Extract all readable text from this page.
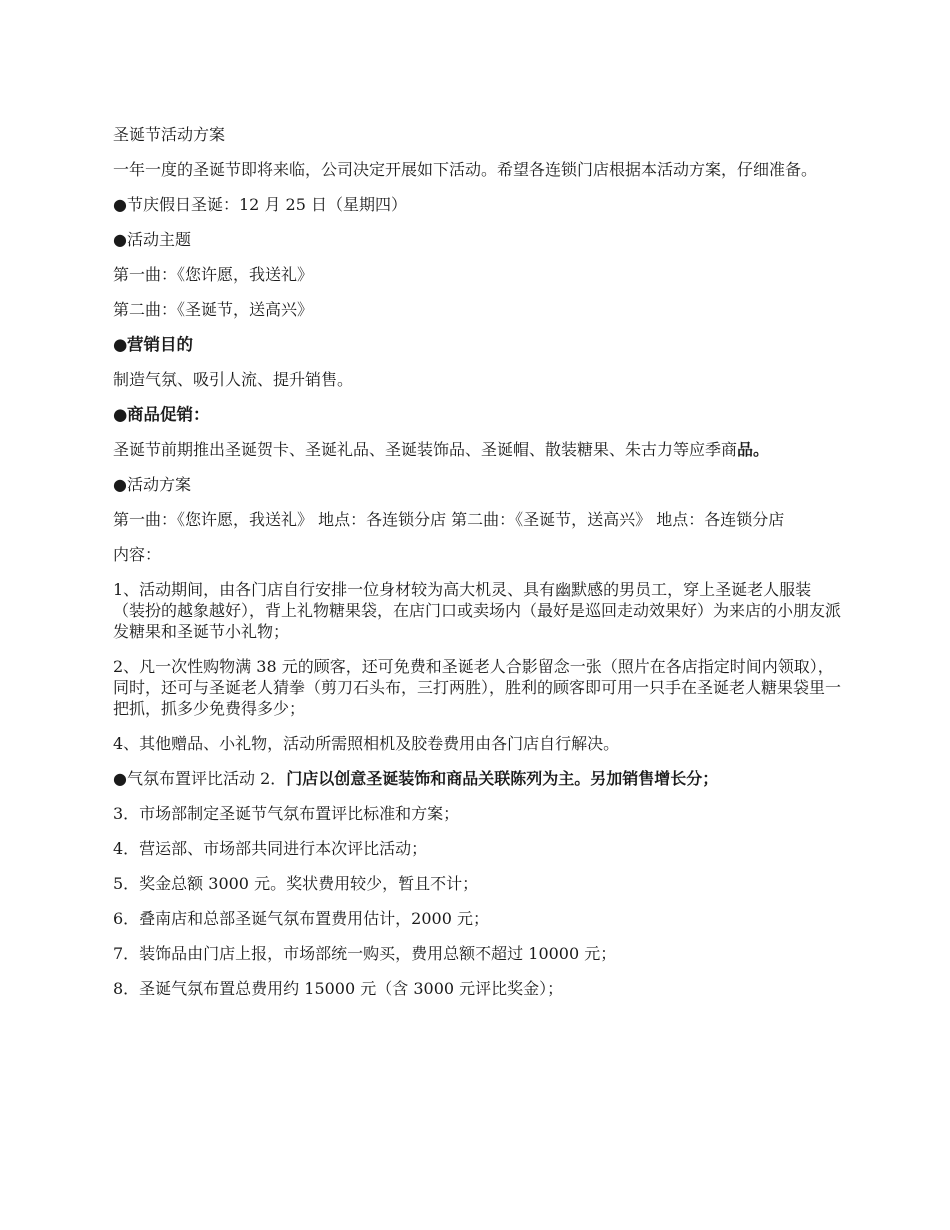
圣诞节活动方案

一年一度的圣诞节即将来临，公司决定开展如下活动。希望各连锁门店根据本活动方案，仔细准备。

●节庆假日圣诞：12 月 25 日（星期四）

●活动主题

第一曲：《您许愿，我送礼》

第二曲：《圣诞节，送高兴》

●营销目的

制造气氛、吸引人流、提升销售。

●商品促销：

圣诞节前期推出圣诞贺卡、圣诞礼品、圣诞装饰品、圣诞帽、散装糖果、朱古力等应季商品。

●活动方案

第一曲：《您许愿，我送礼》 地点：各连锁分店 第二曲：《圣诞节，送高兴》 地点：各连锁分店

内容：

1、活动期间，由各门店自行安排一位身材较为高大机灵、具有幽默感的男员工，穿上圣诞老人服装（装扮的越象越好），背上礼物糖果袋，在店门口或卖场内（最好是巡回走动效果好）为来店的小朋友派发糖果和圣诞节小礼物；

2、凡一次性购物满 38 元的顾客，还可免费和圣诞老人合影留念一张（照片在各店指定时间内领取），同时，还可与圣诞老人猜拳（剪刀石头布，三打两胜），胜利的顾客即可用一只手在圣诞老人糖果袋里一把抓，抓多少免费得多少；

4、其他赠品、小礼物，活动所需照相机及胶卷费用由各门店自行解决。

●气氛布置评比活动 2．门店以创意圣诞装饰和商品关联陈列为主。另加销售增长分；

3．市场部制定圣诞节气氛布置评比标准和方案；

4．营运部、市场部共同进行本次评比活动；

5．奖金总额 3000 元。奖状费用较少，暂且不计；

6．叠南店和总部圣诞气氛布置费用估计，2000 元；

7．装饰品由门店上报，市场部统一购买，费用总额不超过 10000 元；

8．圣诞气氛布置总费用约 15000 元（含 3000 元评比奖金）；
